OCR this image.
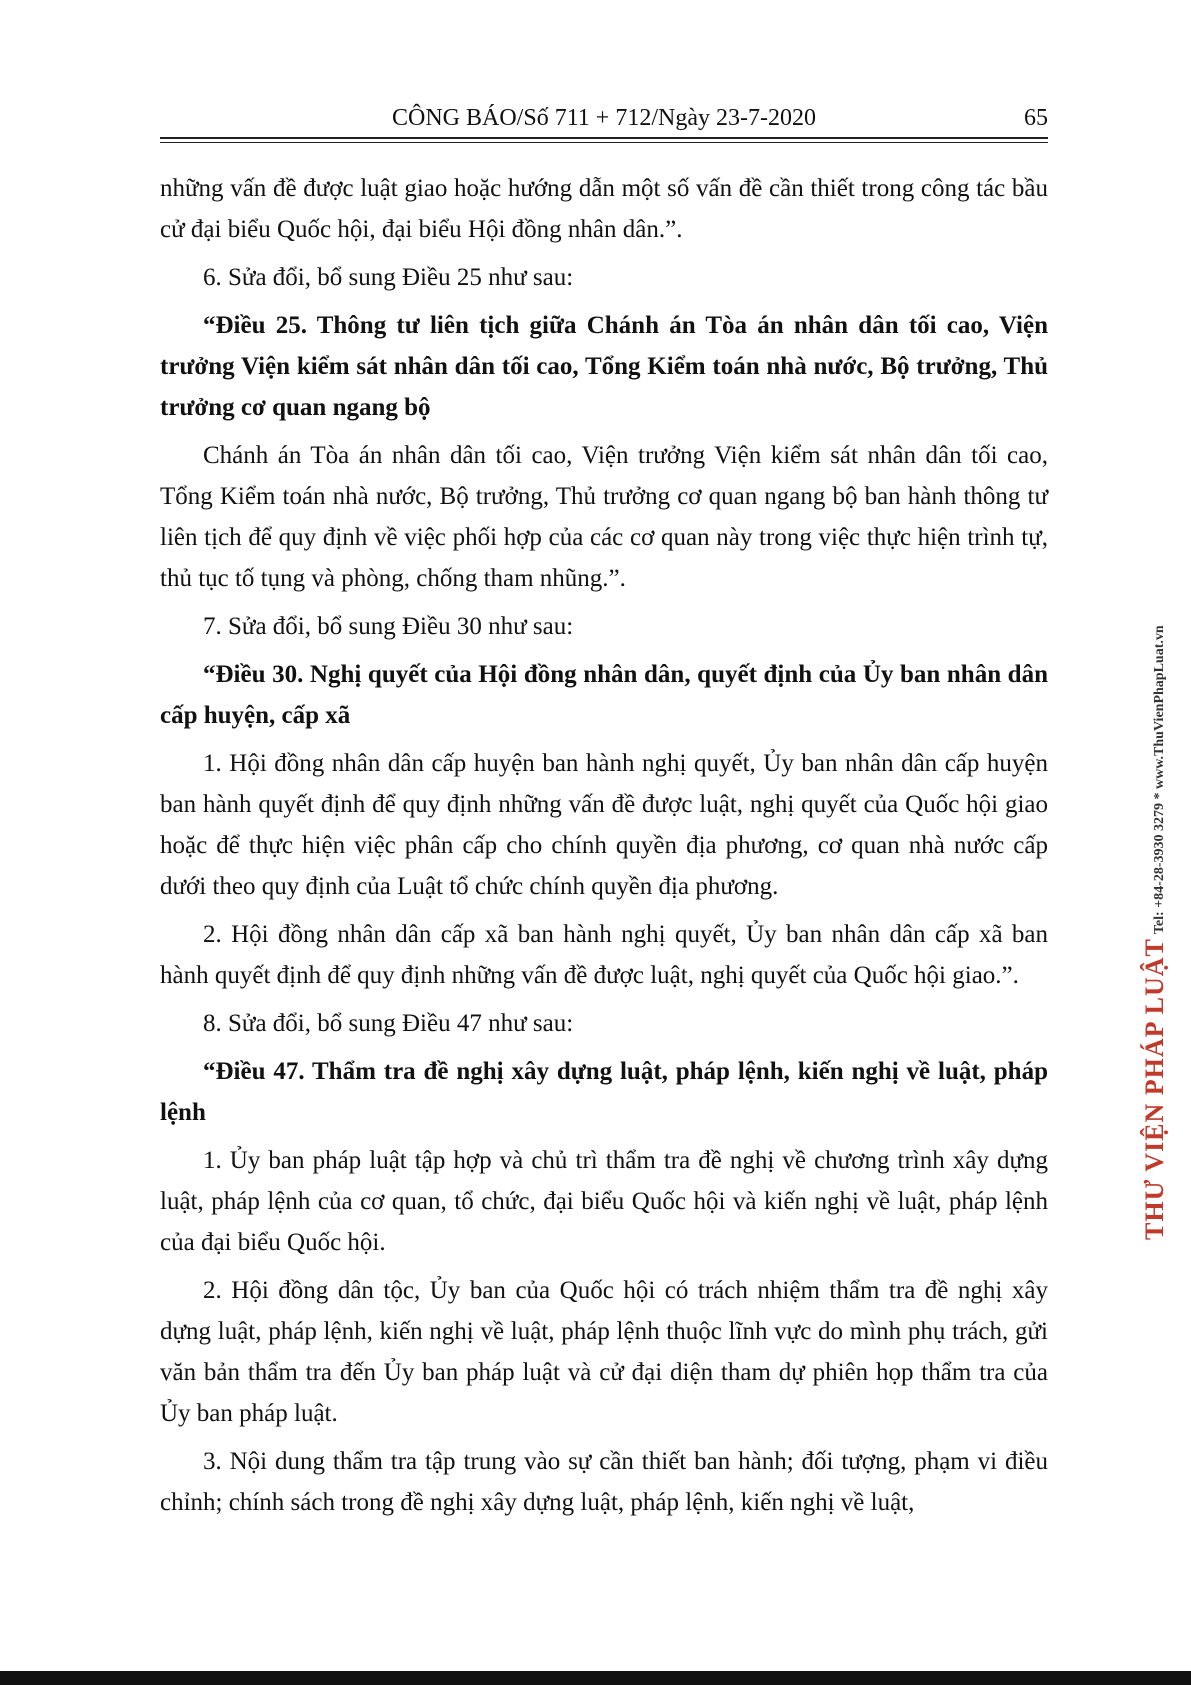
CÔNG BÁO/Số 711 + 712/Ngày 23-7-2020	65

những vấn đề được luật giao hoặc hướng dẫn một số vấn đề cần thiết trong công tác bầu cử đại biểu Quốc hội, đại biểu Hội đồng nhân dân.”.

6. Sửa đổi, bổ sung Điều 25 như sau:

“Điều 25. Thông tư liên tịch giữa Chánh án Tòa án nhân dân tối cao, Viện trưởng Viện kiểm sát nhân dân tối cao, Tổng Kiểm toán nhà nước, Bộ trưởng, Thủ trưởng cơ quan ngang bộ

Chánh án Tòa án nhân dân tối cao, Viện trưởng Viện kiểm sát nhân dân tối cao, Tổng Kiểm toán nhà nước, Bộ trưởng, Thủ trưởng cơ quan ngang bộ ban hành thông tư liên tịch để quy định về việc phối hợp của các cơ quan này trong việc thực hiện trình tự, thủ tục tố tụng và phòng, chống tham nhũng.”.

7. Sửa đổi, bổ sung Điều 30 như sau:

“Điều 30. Nghị quyết của Hội đồng nhân dân, quyết định của Ủy ban nhân dân cấp huyện, cấp xã

1. Hội đồng nhân dân cấp huyện ban hành nghị quyết, Ủy ban nhân dân cấp huyện ban hành quyết định để quy định những vấn đề được luật, nghị quyết của Quốc hội giao hoặc để thực hiện việc phân cấp cho chính quyền địa phương, cơ quan nhà nước cấp dưới theo quy định của Luật tổ chức chính quyền địa phương.

2. Hội đồng nhân dân cấp xã ban hành nghị quyết, Ủy ban nhân dân cấp xã ban hành quyết định để quy định những vấn đề được luật, nghị quyết của Quốc hội giao.”.

8. Sửa đổi, bổ sung Điều 47 như sau:

“Điều 47. Thẩm tra đề nghị xây dựng luật, pháp lệnh, kiến nghị về luật, pháp lệnh

1. Ủy ban pháp luật tập hợp và chủ trì thẩm tra đề nghị về chương trình xây dựng luật, pháp lệnh của cơ quan, tổ chức, đại biểu Quốc hội và kiến nghị về luật, pháp lệnh của đại biểu Quốc hội.

2. Hội đồng dân tộc, Ủy ban của Quốc hội có trách nhiệm thẩm tra đề nghị xây dựng luật, pháp lệnh, kiến nghị về luật, pháp lệnh thuộc lĩnh vực do mình phụ trách, gửi văn bản thẩm tra đến Ủy ban pháp luật và cử đại diện tham dự phiên họp thẩm tra của Ủy ban pháp luật.

3. Nội dung thẩm tra tập trung vào sự cần thiết ban hành; đối tượng, phạm vi điều chỉnh; chính sách trong đề nghị xây dựng luật, pháp lệnh, kiến nghị về luật,

THƯ VIỆN PHÁP LUẬT Tel: +84-28-3930 3279 * www.ThuVienPhapLuat.vn
